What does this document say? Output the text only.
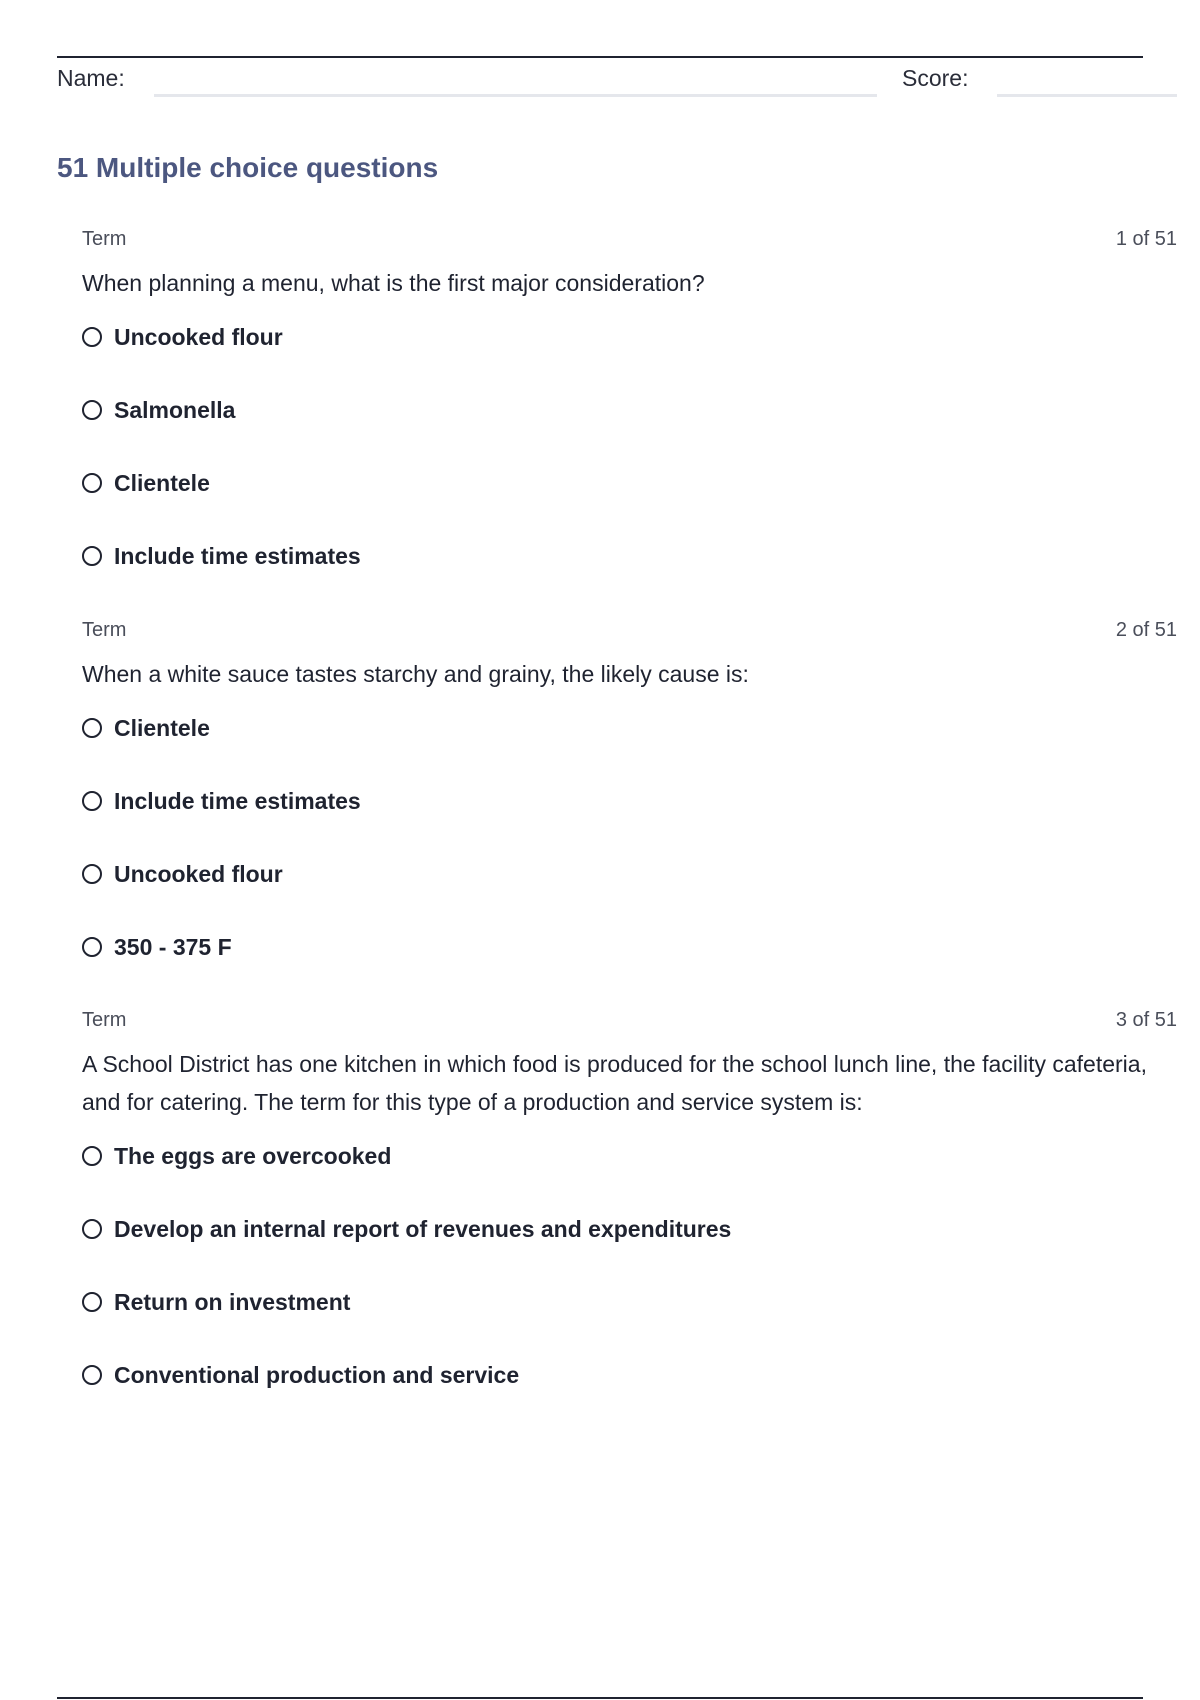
Name:	Score:
51 Multiple choice questions
Term	1 of 51
When planning a menu, what is the first major consideration?
Uncooked flour
Salmonella
Clientele
Include time estimates
Term	2 of 51
When a white sauce tastes starchy and grainy, the likely cause is:
Clientele
Include time estimates
Uncooked flour
350 - 375 F
Term	3 of 51
A School District has one kitchen in which food is produced for the school lunch line, the facility cafeteria, and for catering. The term for this type of a production and service system is:
The eggs are overcooked
Develop an internal report of revenues and expenditures
Return on investment
Conventional production and service
